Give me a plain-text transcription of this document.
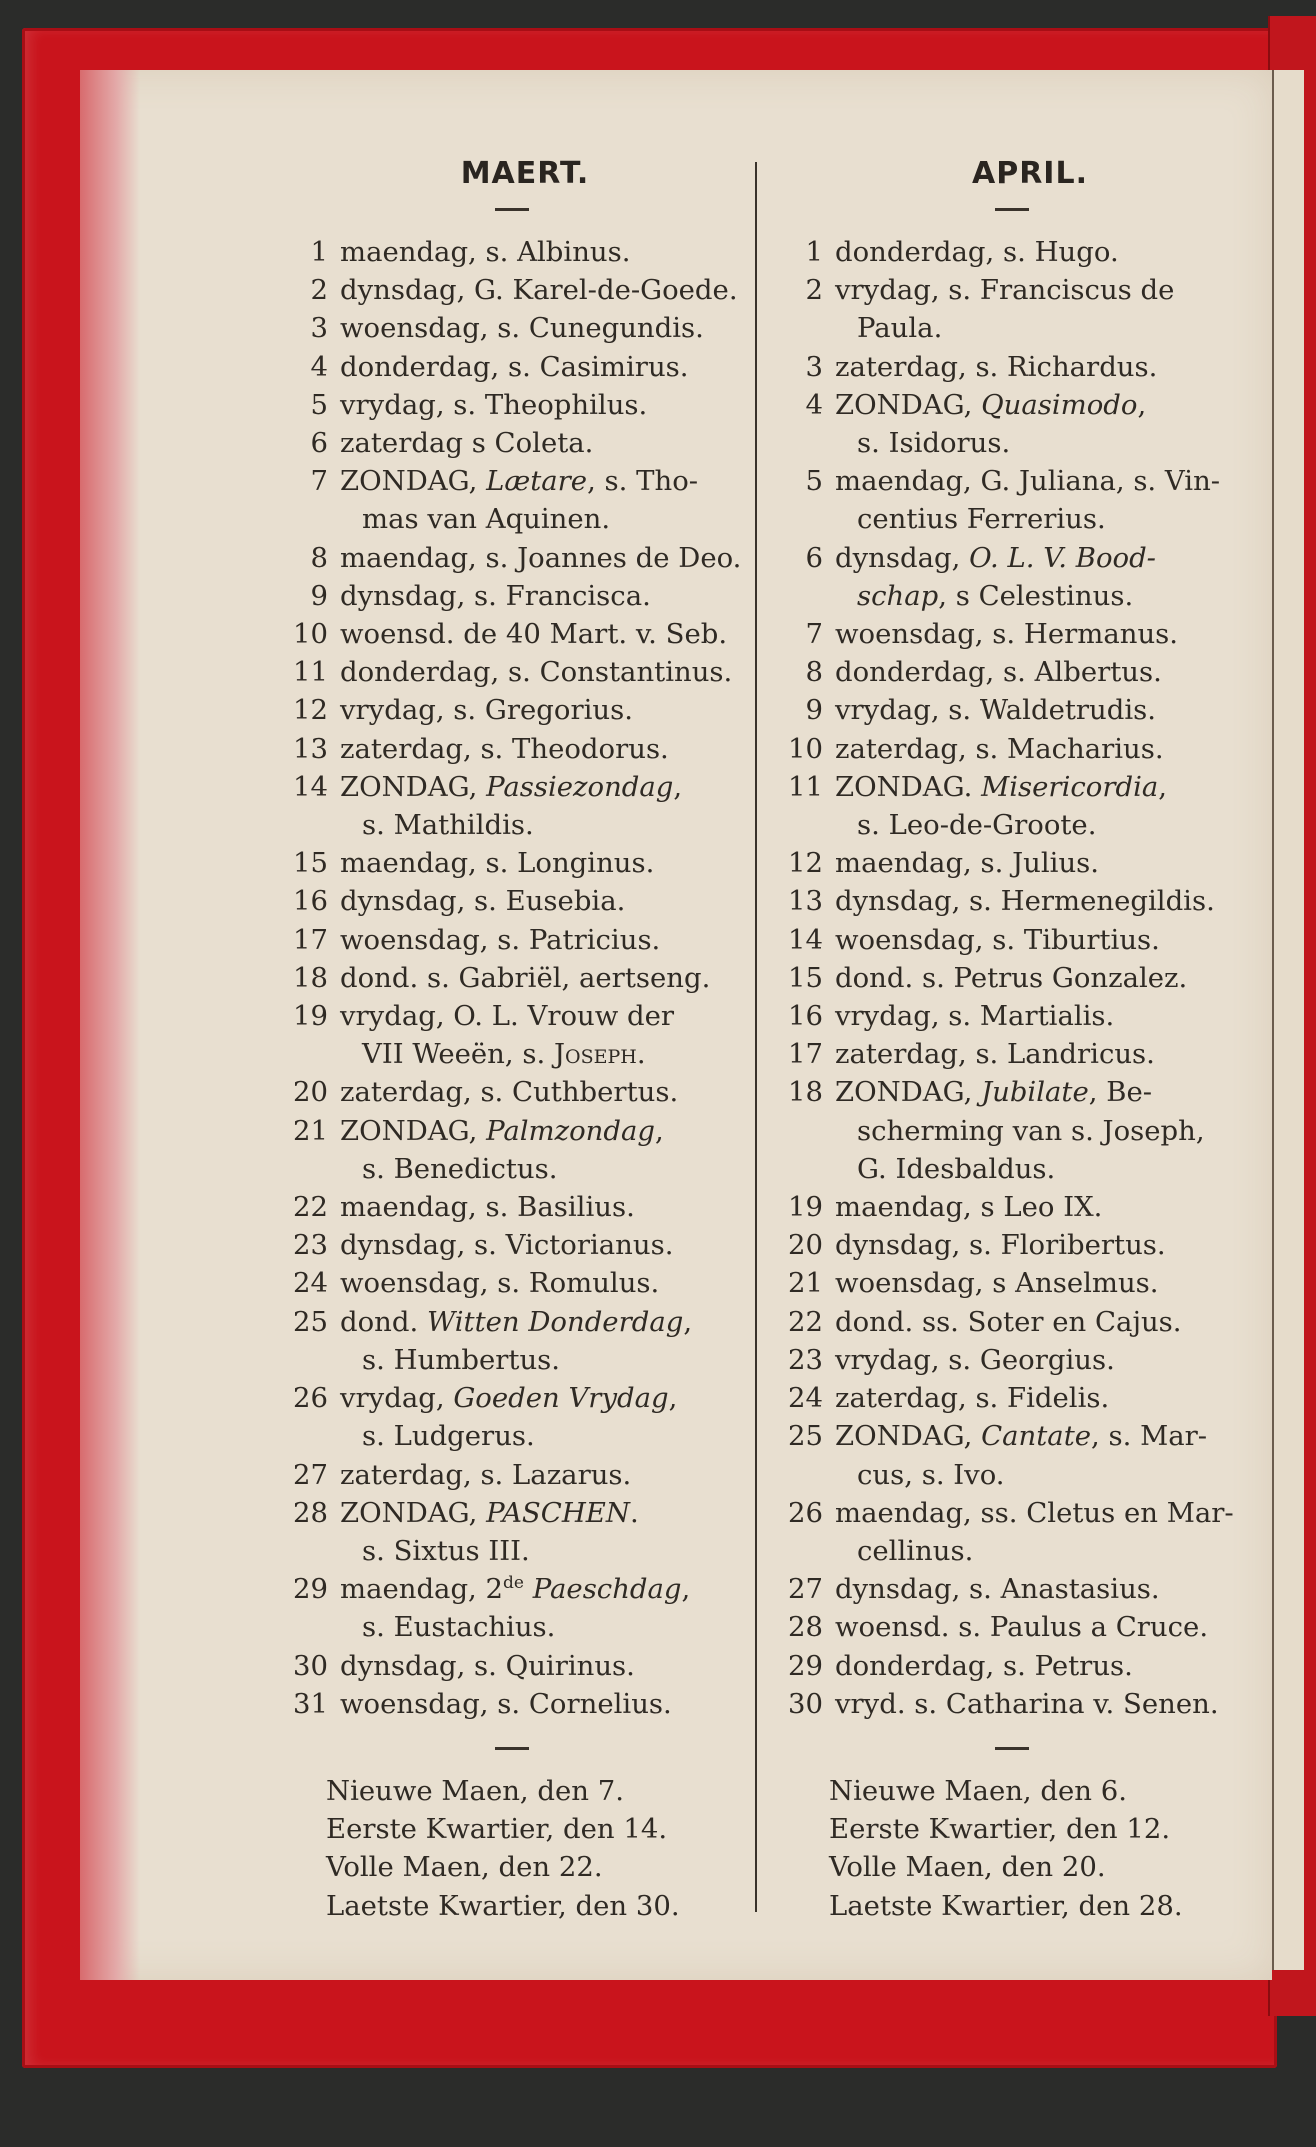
MAERT.
1 maendag, s. Albinus.
2 dynsdag, G. Karel-de-Goede.
3 woensdag, s. Cunegundis.
4 donderdag, s. Casimirus.
5 vrydag, s. Theophilus.
6 zaterdag s Coleta.
7 ZONDAG, Lætare, s. Tho-
mas van Aquinen.
8 maendag, s. Joannes de Deo.
9 dynsdag, s. Francisca.
10 woensd. de 40 Mart. v. Seb.
11 donderdag, s. Constantinus.
12 vrydag, s. Gregorius.
13 zaterdag, s. Theodorus.
14 ZONDAG, Passiezondag,
s. Mathildis.
15 maendag, s. Longinus.
16 dynsdag, s. Eusebia.
17 woensdag, s. Patricius.
18 dond. s. Gabriël, aertseng.
19 vrydag, O. L. Vrouw der
VII Weeën, s. Joseph.
20 zaterdag, s. Cuthbertus.
21 ZONDAG, Palmzondag,
s. Benedictus.
22 maendag, s. Basilius.
23 dynsdag, s. Victorianus.
24 woensdag, s. Romulus.
25 dond. Witten Donderdag,
s. Humbertus.
26 vrydag, Goeden Vrydag,
s. Ludgerus.
27 zaterdag, s. Lazarus.
28 ZONDAG, PASCHEN.
s. Sixtus III.
29 maendag, 2de Paeschdag,
s. Eustachius.
30 dynsdag, s. Quirinus.
31 woensdag, s. Cornelius.
Nieuwe Maen, den 7.
Eerste Kwartier, den 14.
Volle Maen, den 22.
Laetste Kwartier, den 30.
APRIL.
1 donderdag, s. Hugo.
2 vrydag, s. Franciscus de
Paula.
3 zaterdag, s. Richardus.
4 ZONDAG, Quasimodo,
s. Isidorus.
5 maendag, G. Juliana, s. Vin-
centius Ferrerius.
6 dynsdag, O. L. V. Bood-
schap, s Celestinus.
7 woensdag, s. Hermanus.
8 donderdag, s. Albertus.
9 vrydag, s. Waldetrudis.
10 zaterdag, s. Macharius.
11 ZONDAG. Misericordia,
s. Leo-de-Groote.
12 maendag, s. Julius.
13 dynsdag, s. Hermenegildis.
14 woensdag, s. Tiburtius.
15 dond. s. Petrus Gonzalez.
16 vrydag, s. Martialis.
17 zaterdag, s. Landricus.
18 ZONDAG, Jubilate, Be-
scherming van s. Joseph,
G. Idesbaldus.
19 maendag, s Leo IX.
20 dynsdag, s. Floribertus.
21 woensdag, s Anselmus.
22 dond. ss. Soter en Cajus.
23 vrydag, s. Georgius.
24 zaterdag, s. Fidelis.
25 ZONDAG, Cantate, s. Mar-
cus, s. Ivo.
26 maendag, ss. Cletus en Mar-
cellinus.
27 dynsdag, s. Anastasius.
28 woensd. s. Paulus a Cruce.
29 donderdag, s. Petrus.
30 vryd. s. Catharina v. Senen.
Nieuwe Maen, den 6.
Eerste Kwartier, den 12.
Volle Maen, den 20.
Laetste Kwartier, den 28.
